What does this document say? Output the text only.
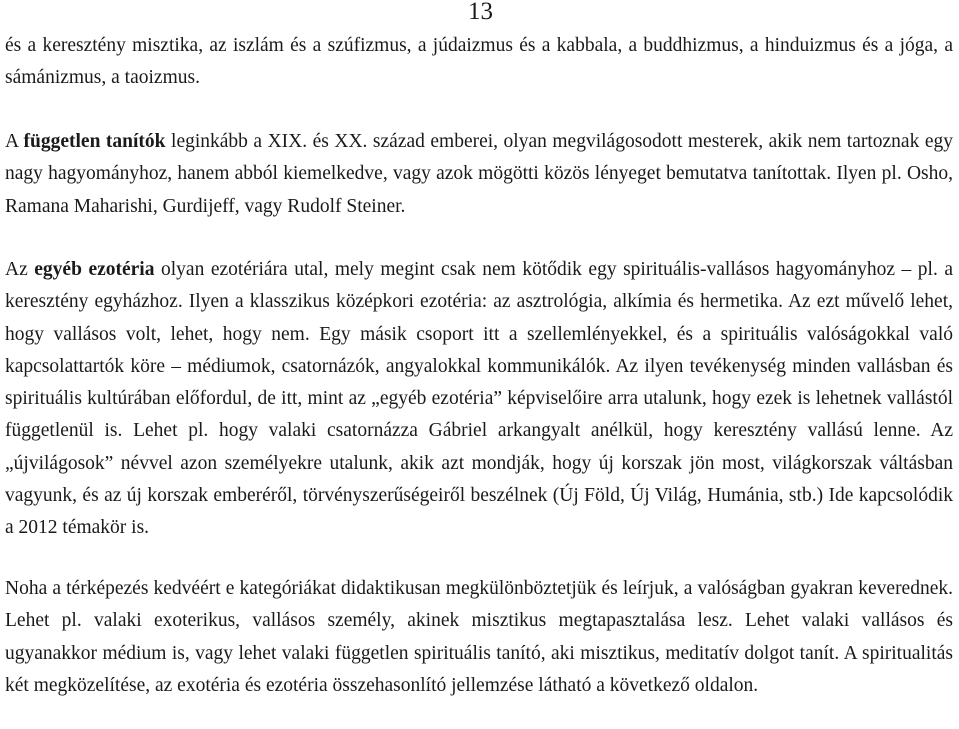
13

és a keresztény misztika, az iszlám és a szúfizmus, a júdaizmus és a kabbala, a buddhizmus, a hinduizmus és a jóga, a sámánizmus, a taoizmus.

A független tanítók leginkább a XIX. és XX. század emberei, olyan megvilágosodott mesterek, akik nem tartoznak egy nagy hagyományhoz, hanem abból kiemelkedve, vagy azok mögötti közös lényeget bemutatva tanítottak. Ilyen pl. Osho, Ramana Maharishi, Gurdijeff, vagy Rudolf Steiner.

Az egyéb ezotéria olyan ezotériára utal, mely megint csak nem kötődik egy spirituális-vallásos hagyományhoz – pl. a keresztény egyházhoz. Ilyen a klasszikus középkori ezotéria: az asztrológia, alkímia és hermetika. Az ezt művelő lehet, hogy vallásos volt, lehet, hogy nem. Egy másik csoport itt a szellemlényekkel, és a spirituális valóságokkal való kapcsolattartók köre – médiumok, csatornázók, angyalokkal kommunikálók. Az ilyen tevékenység minden vallásban és spirituális kultúrában előfordul, de itt, mint az „egyéb ezotéria” képviselőire arra utalunk, hogy ezek is lehetnek vallástól függetlenül is. Lehet pl. hogy valaki csatornázza Gábriel arkangyalt anélkül, hogy keresztény vallású lenne. Az „újvilágosok” névvel azon személyekre utalunk, akik azt mondják, hogy új korszak jön most, világkorszak váltásban vagyunk, és az új korszak emberéről, törvényszerűségeiről beszélnek (Új Föld, Új Világ, Humánia, stb.) Ide kapcsolódik a 2012 témakör is.

Noha a térképezés kedvéért e kategóriákat didaktikusan megkülönböztetjük és leírjuk, a valóságban gyakran keverednek. Lehet pl. valaki exoterikus, vallásos személy, akinek misztikus megtapasztalása lesz. Lehet valaki vallásos és ugyanakkor médium is, vagy lehet valaki független spirituális tanító, aki misztikus, meditatív dolgot tanít. A spiritualitás két megközelítése, az exotéria és ezotéria összehasonlító jellemzése látható a következő oldalon.
